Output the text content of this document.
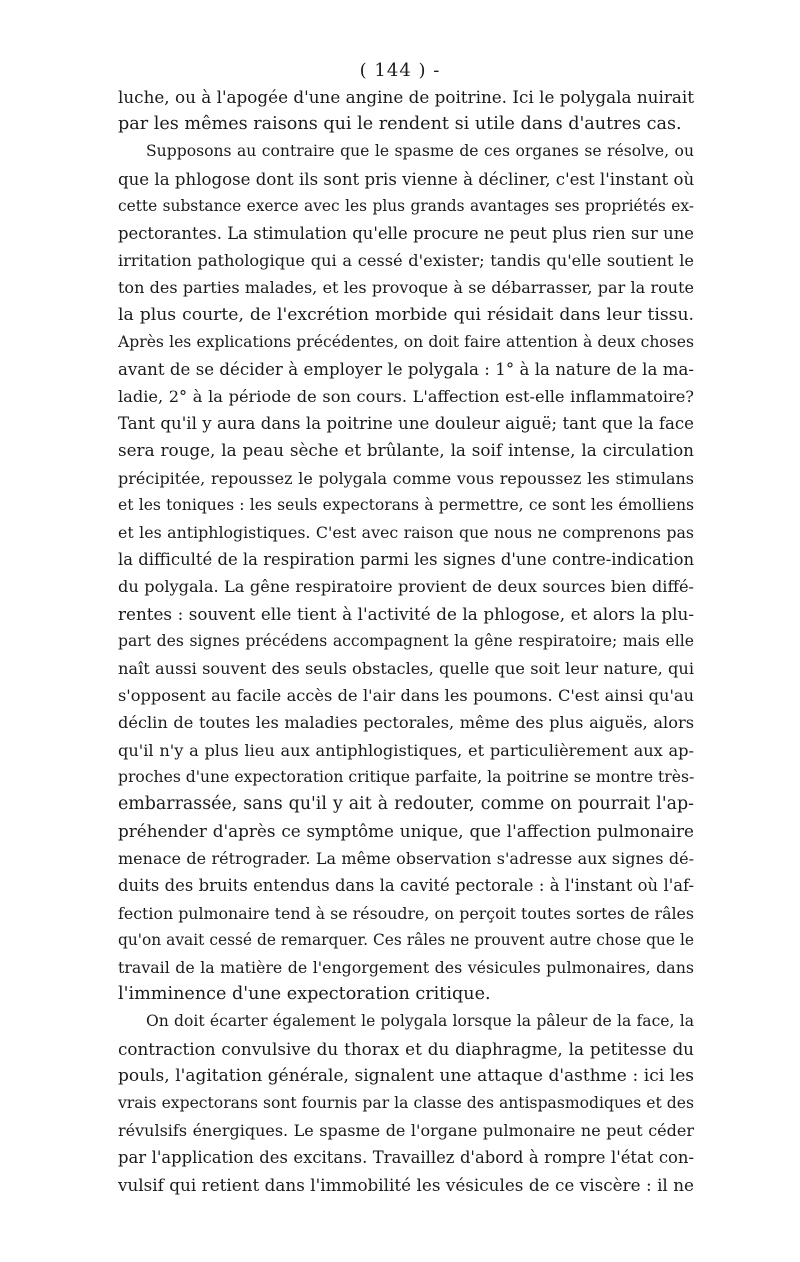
( 144 ) -
luche, ou à l'apogée d'une angine de poitrine. Ici le polygala nuirait
par les mêmes raisons qui le rendent si utile dans d'autres cas.
Supposons au contraire que le spasme de ces organes se résolve, ou
que la phlogose dont ils sont pris vienne à décliner, c'est l'instant où
cette substance exerce avec les plus grands avantages ses propriétés ex-
pectorantes. La stimulation qu'elle procure ne peut plus rien sur une
irritation pathologique qui a cessé d'exister; tandis qu'elle soutient le
ton des parties malades, et les provoque à se débarrasser, par la route
la plus courte, de l'excrétion morbide qui résidait dans leur tissu.
Après les explications précédentes, on doit faire attention à deux choses
avant de se décider à employer le polygala : 1° à la nature de la ma-
ladie, 2° à la période de son cours. L'affection est-elle inflammatoire?
Tant qu'il y aura dans la poitrine une douleur aiguë; tant que la face
sera rouge, la peau sèche et brûlante, la soif intense, la circulation
précipitée, repoussez le polygala comme vous repoussez les stimulans
et les toniques : les seuls expectorans à permettre, ce sont les émolliens
et les antiphlogistiques. C'est avec raison que nous ne comprenons pas
la difficulté de la respiration parmi les signes d'une contre-indication
du polygala. La gêne respiratoire provient de deux sources bien diffé-
rentes : souvent elle tient à l'activité de la phlogose, et alors la plu-
part des signes précédens accompagnent la gêne respiratoire; mais elle
naît aussi souvent des seuls obstacles, quelle que soit leur nature, qui
s'opposent au facile accès de l'air dans les poumons. C'est ainsi qu'au
déclin de toutes les maladies pectorales, même des plus aiguës, alors
qu'il n'y a plus lieu aux antiphlogistiques, et particulièrement aux ap-
proches d'une expectoration critique parfaite, la poitrine se montre très-
embarrassée, sans qu'il y ait à redouter, comme on pourrait l'ap-
préhender d'après ce symptôme unique, que l'affection pulmonaire
menace de rétrograder. La même observation s'adresse aux signes dé-
duits des bruits entendus dans la cavité pectorale : à l'instant où l'af-
fection pulmonaire tend à se résoudre, on perçoit toutes sortes de râles
qu'on avait cessé de remarquer. Ces râles ne prouvent autre chose que le
travail de la matière de l'engorgement des vésicules pulmonaires, dans
l'imminence d'une expectoration critique.
On doit écarter également le polygala lorsque la pâleur de la face, la
contraction convulsive du thorax et du diaphragme, la petitesse du
pouls, l'agitation générale, signalent une attaque d'asthme : ici les
vrais expectorans sont fournis par la classe des antispasmodiques et des
révulsifs énergiques. Le spasme de l'organe pulmonaire ne peut céder
par l'application des excitans. Travaillez d'abord à rompre l'état con-
vulsif qui retient dans l'immobilité les vésicules de ce viscère : il ne
